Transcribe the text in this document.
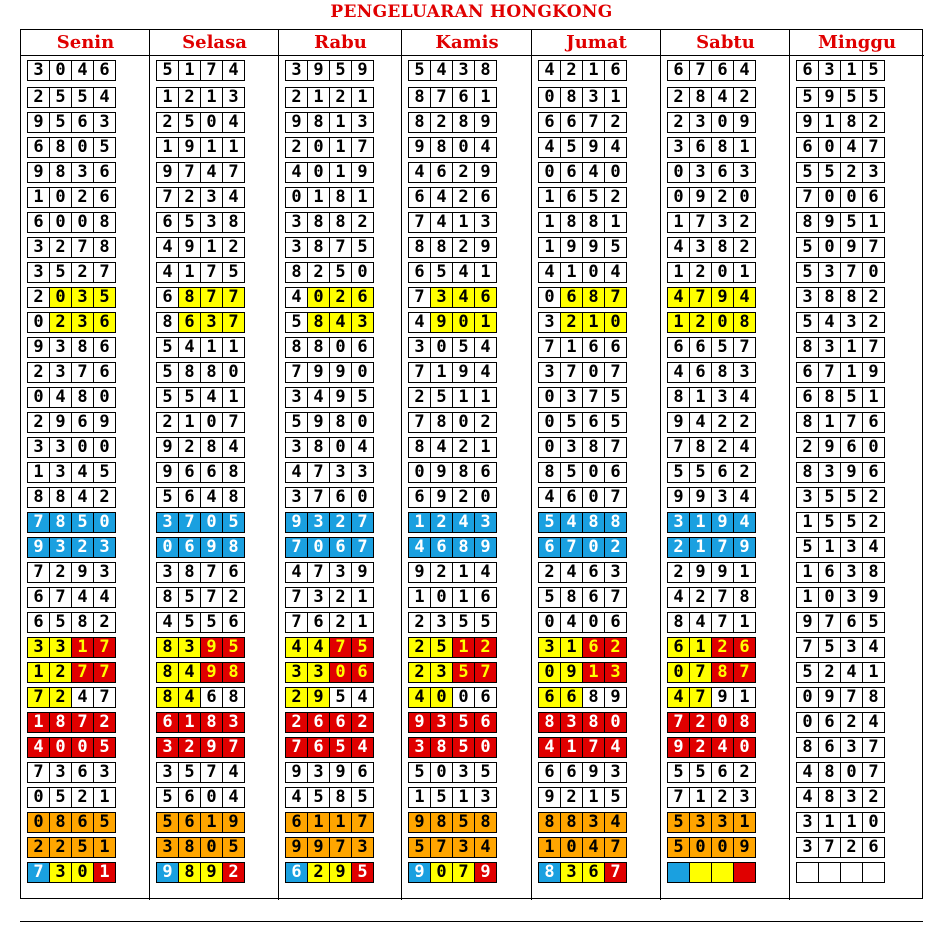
PENGELUARAN HONGKONG
Senin
3 0 4 6
2 5 5 4
9 5 6 3
6 8 0 5
9 8 3 6
1 0 2 6
6 0 0 8
3 2 7 8
3 5 2 7
2 0 3 5
0 2 3 6
9 3 8 6
2 3 7 6
0 4 8 0
2 9 6 9
3 3 0 0
1 3 4 5
8 8 4 2
7 8 5 0
9 3 2 3
7 2 9 3
6 7 4 4
6 5 8 2
3 3 1 7
1 2 7 7
7 2 4 7
1 8 7 2
4 0 0 5
7 3 6 3
0 5 2 1
0 8 6 5
2 2 5 1
7 3 0 1
Selasa
5 1 7 4
1 2 1 3
2 5 0 4
1 9 1 1
9 7 4 7
7 2 3 4
6 5 3 8
4 9 1 2
4 1 7 5
6 8 7 7
8 6 3 7
5 4 1 1
5 8 8 0
5 5 4 1
2 1 0 7
9 2 8 4
9 6 6 8
5 6 4 8
3 7 0 5
0 6 9 8
3 8 7 6
8 5 7 2
4 5 5 6
8 3 9 5
8 4 9 8
8 4 6 8
6 1 8 3
3 2 9 7
3 5 7 4
5 6 0 4
5 6 1 9
3 8 0 5
9 8 9 2
Rabu
3 9 5 9
2 1 2 1
9 8 1 3
2 0 1 7
4 0 1 9
0 1 8 1
3 8 8 2
3 8 7 5
8 2 5 0
4 0 2 6
5 8 4 3
8 8 0 6
7 9 9 0
3 4 9 5
5 9 8 0
3 8 0 4
4 7 3 3
3 7 6 0
9 3 2 7
7 0 6 7
4 7 3 9
7 3 2 1
7 6 2 1
4 4 7 5
3 3 0 6
2 9 5 4
2 6 6 2
7 6 5 4
9 3 9 6
4 5 8 5
6 1 1 7
9 9 7 3
6 2 9 5
Kamis
5 4 3 8
8 7 6 1
8 2 8 9
9 8 0 4
4 6 2 9
6 4 2 6
7 4 1 3
8 8 2 9
6 5 4 1
7 3 4 6
4 9 0 1
3 0 5 4
7 1 9 4
2 5 1 1
7 8 0 2
8 4 2 1
0 9 8 6
6 9 2 0
1 2 4 3
4 6 8 9
9 2 1 4
1 0 1 6
2 3 5 5
2 5 1 2
2 3 5 7
4 0 0 6
9 3 5 6
3 8 5 0
5 0 3 5
1 5 1 3
9 8 5 8
5 7 3 4
9 0 7 9
Jumat
4 2 1 6
0 8 3 1
6 6 7 2
4 5 9 4
0 6 4 0
1 6 5 2
1 8 8 1
1 9 9 5
4 1 0 4
0 6 8 7
3 2 1 0
7 1 6 6
3 7 0 7
0 3 7 5
0 5 6 5
0 3 8 7
8 5 0 6
4 6 0 7
5 4 8 8
6 7 0 2
2 4 6 3
5 8 6 7
0 4 0 6
3 1 6 2
0 9 1 3
6 6 8 9
8 3 8 0
4 1 7 4
6 6 9 3
9 2 1 5
8 8 3 4
1 0 4 7
8 3 6 7
Sabtu
6 7 6 4
2 8 4 2
2 3 0 9
3 6 8 1
0 3 6 3
0 9 2 0
1 7 3 2
4 3 8 2
1 2 0 1
4 7 9 4
1 2 0 8
6 6 5 7
4 6 8 3
8 1 3 4
9 4 2 2
7 8 2 4
5 5 6 2
9 9 3 4
3 1 9 4
2 1 7 9
2 9 9 1
4 2 7 8
8 4 7 1
6 1 2 6
0 7 8 7
4 7 9 1
7 2 0 8
9 2 4 0
5 5 6 2
7 1 2 3
5 3 3 1
5 0 0 9
Minggu
6 3 1 5
5 9 5 5
9 1 8 2
6 0 4 7
5 5 2 3
7 0 0 6
8 9 5 1
5 0 9 7
5 3 7 0
3 8 8 2
5 4 3 2
8 3 1 7
6 7 1 9
6 8 5 1
8 1 7 6
2 9 6 0
8 3 9 6
3 5 5 2
1 5 5 2
5 1 3 4
1 6 3 8
1 0 3 9
9 7 6 5
7 5 3 4
5 2 4 1
0 9 7 8
0 6 2 4
8 6 3 7
4 8 0 7
4 8 3 2
3 1 1 0
3 7 2 6
